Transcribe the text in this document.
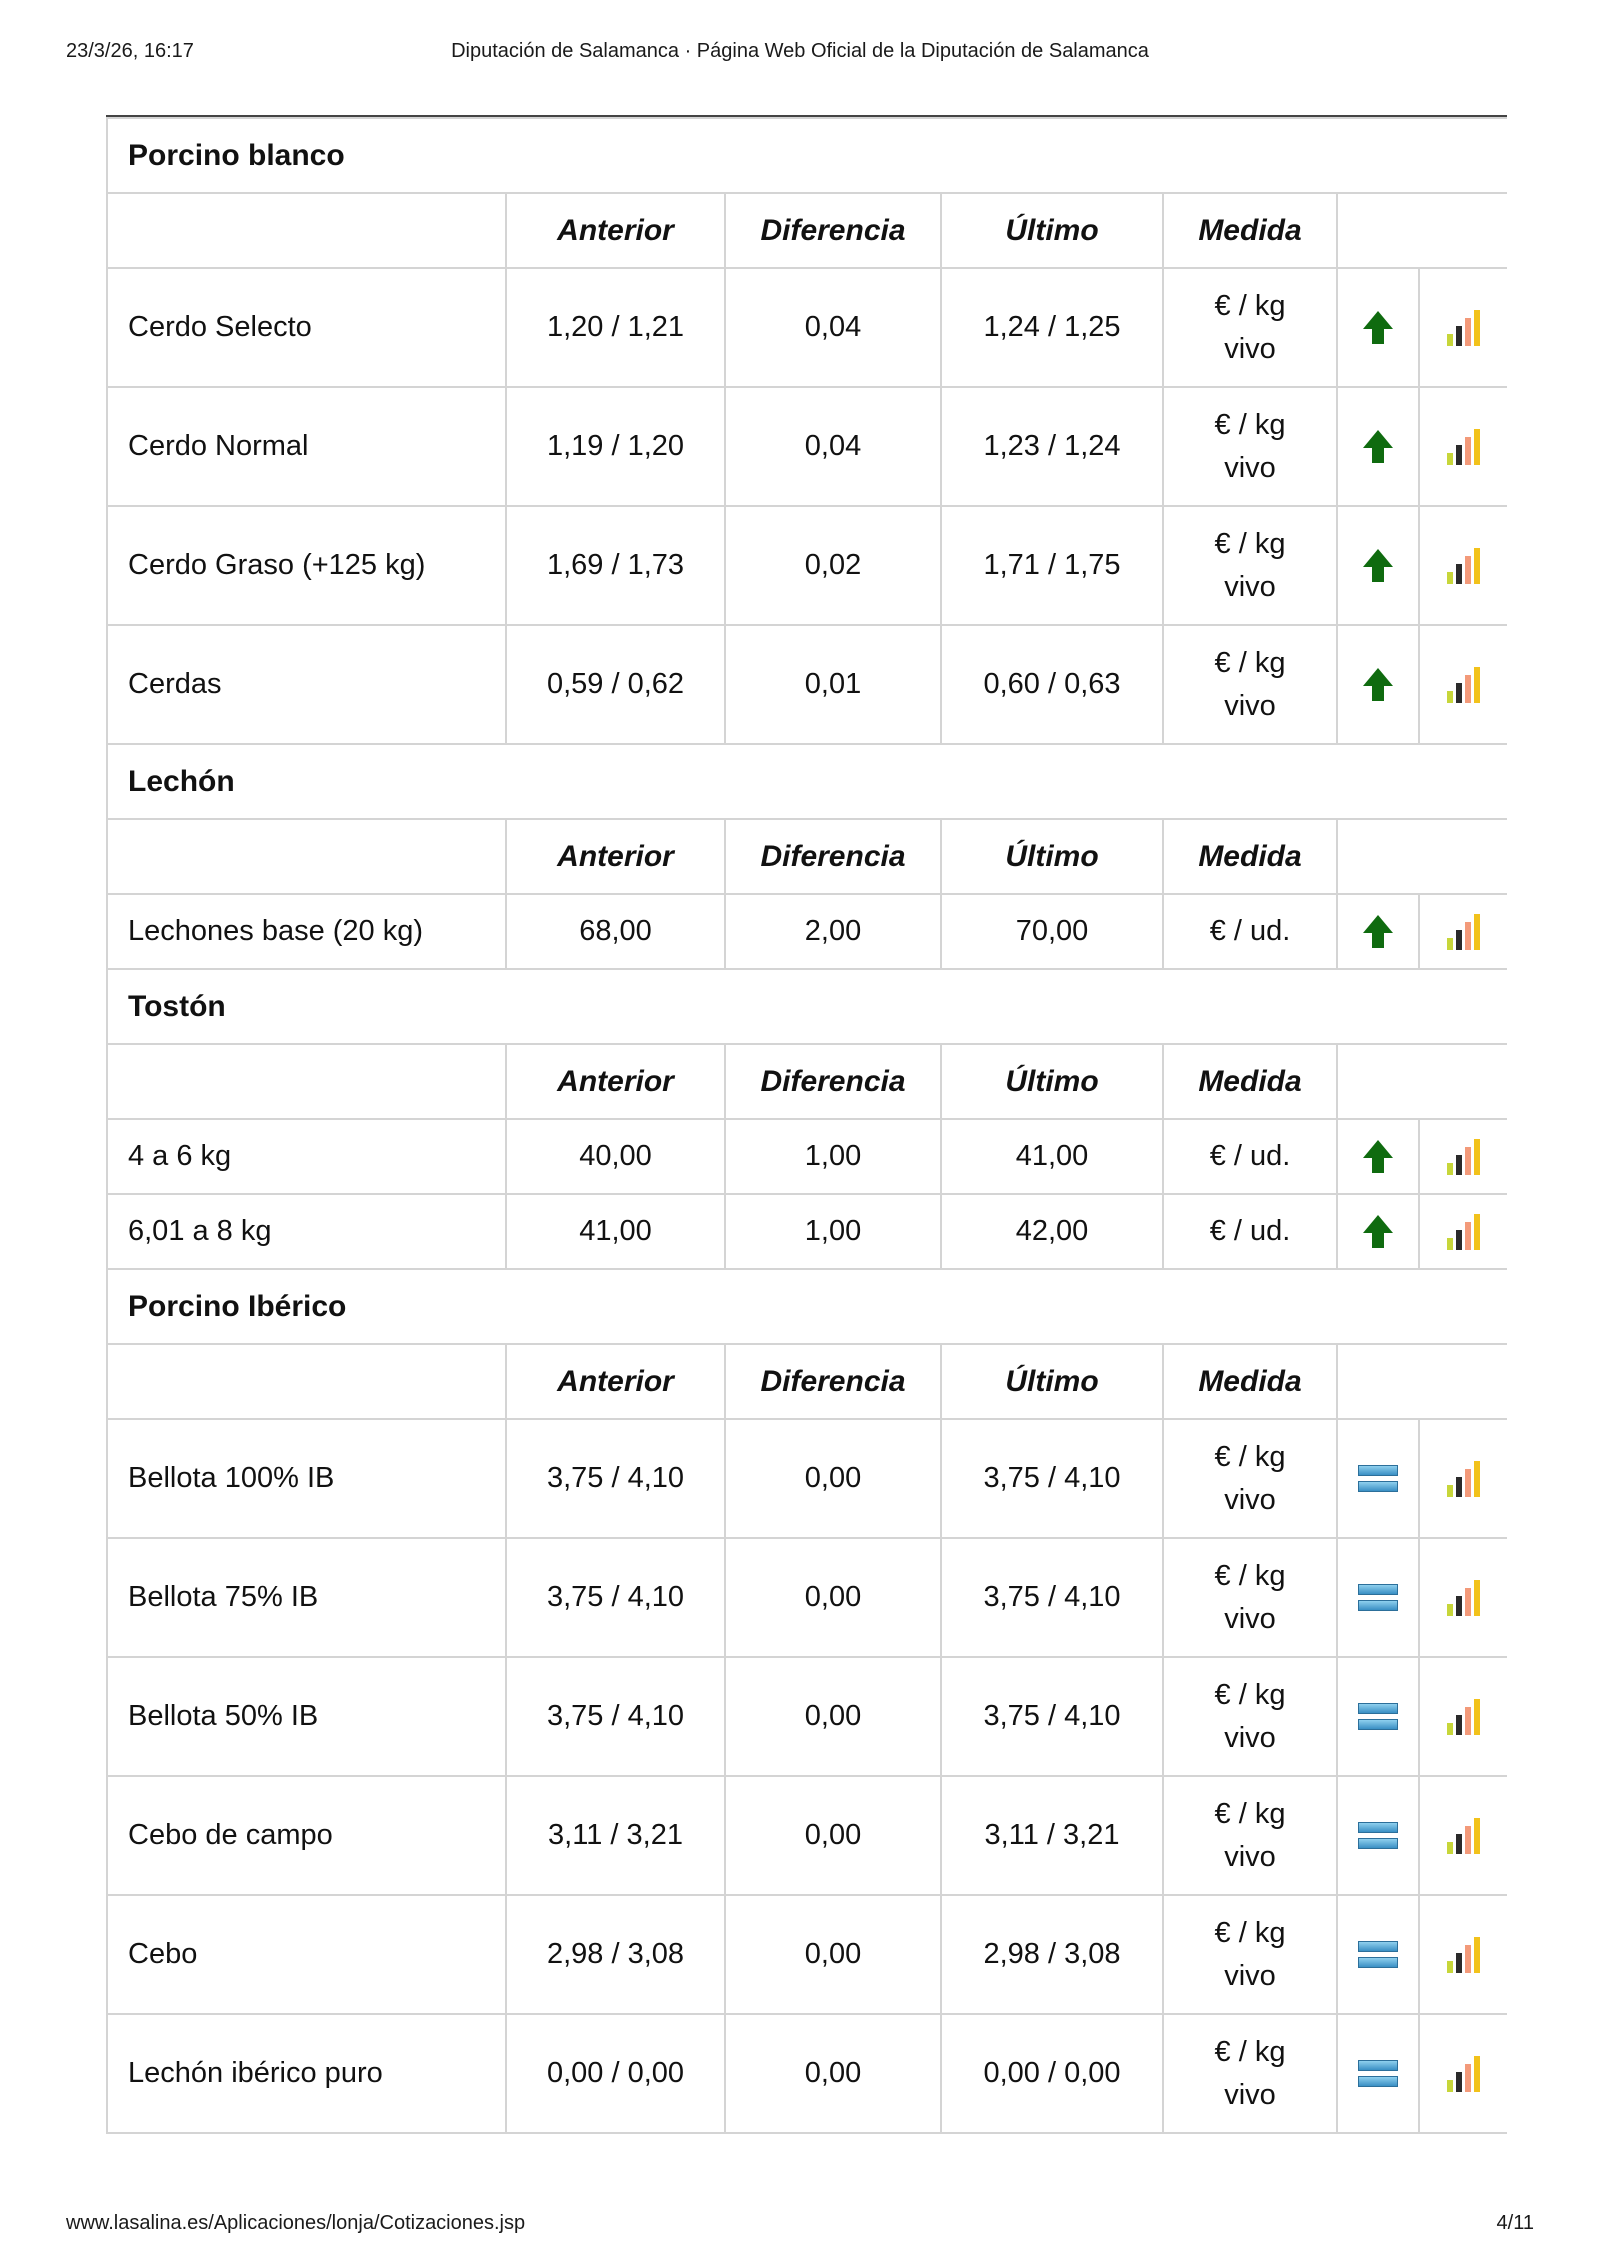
23/3/26, 16:17	Diputación de Salamanca · Página Web Oficial de la Diputación de Salamanca
Porcino blanco						
	Anterior	Diferencia	Último	Medida		
Cerdo Selecto	1,20 / 1,21	0,04	1,24 / 1,25	€ / kg
vivo		

Cerdo Normal	1,19 / 1,20	0,04	1,23 / 1,24	€ / kg
vivo		

Cerdo Graso (+125 kg)	1,69 / 1,73	0,02	1,71 / 1,75	€ / kg
vivo		

Cerdas	0,59 / 0,62	0,01	0,60 / 0,63	€ / kg
vivo		

Lechón						
	Anterior	Diferencia	Último	Medida		
Lechones base (20 kg)	68,00	2,00	70,00	€ / ud.		

Tostón						
	Anterior	Diferencia	Último	Medida		
4 a 6 kg	40,00	1,00	41,00	€ / ud.		

6,01 a 8 kg	41,00	1,00	42,00	€ / ud.		

Porcino Ibérico						
	Anterior	Diferencia	Último	Medida		
Bellota 100% IB	3,75 / 4,10	0,00	3,75 / 4,10	€ / kg
vivo		

Bellota 75% IB	3,75 / 4,10	0,00	3,75 / 4,10	€ / kg
vivo		

Bellota 50% IB	3,75 / 4,10	0,00	3,75 / 4,10	€ / kg
vivo		

Cebo de campo	3,11 / 3,21	0,00	3,11 / 3,21	€ / kg
vivo		

Cebo	2,98 / 3,08	0,00	2,98 / 3,08	€ / kg
vivo		

Lechón ibérico puro	0,00 / 0,00	0,00	0,00 / 0,00	€ / kg
vivo		

www.lasalina.es/Aplicaciones/lonja/Cotizaciones.jsp	4/11
